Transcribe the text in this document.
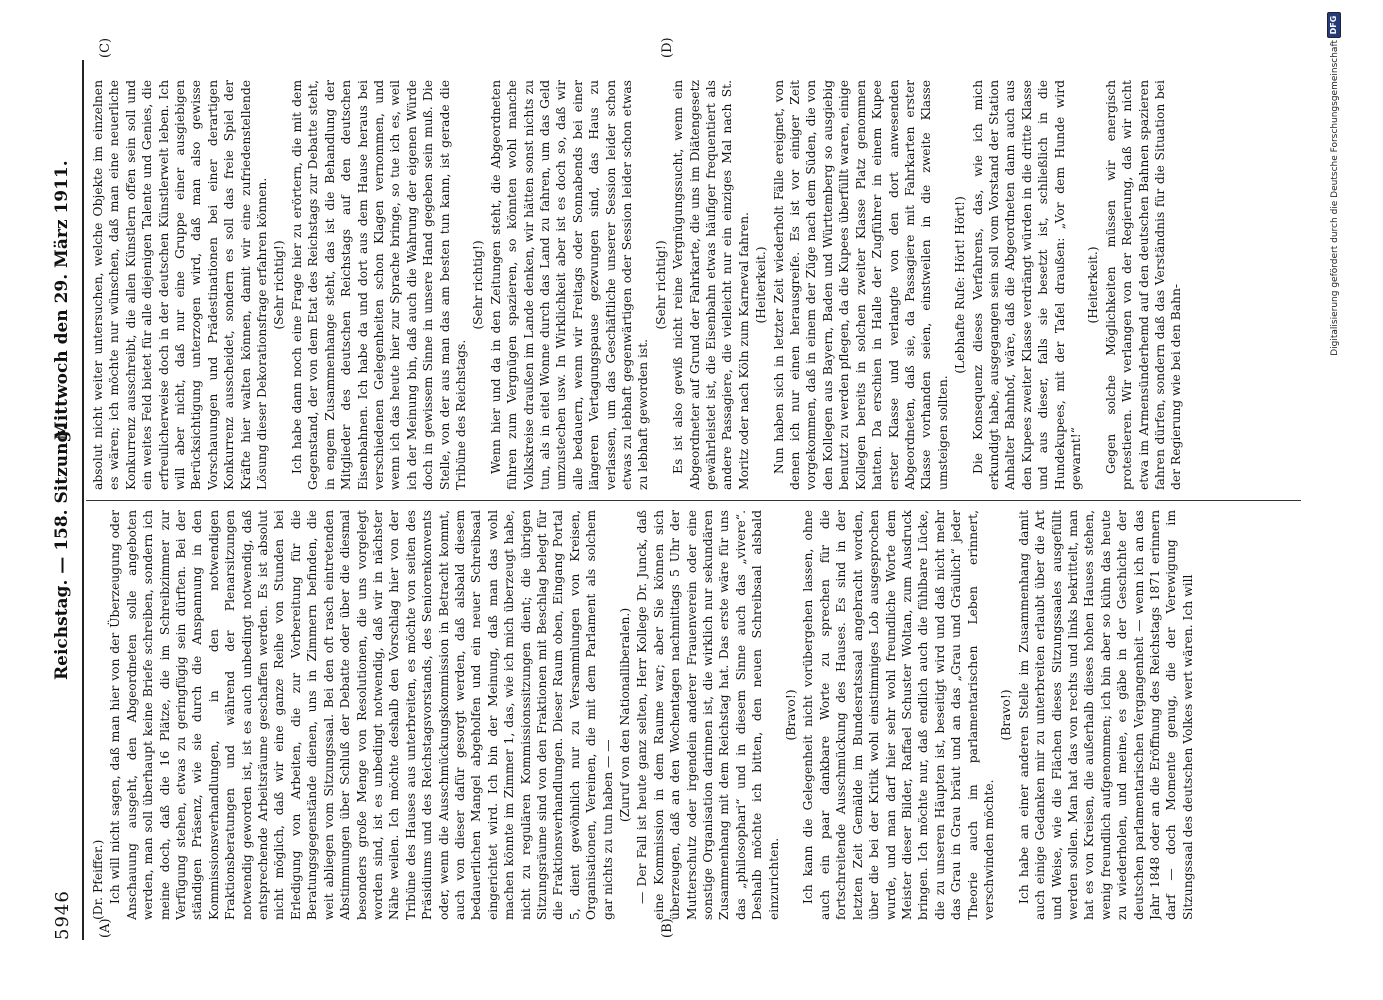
5946
Reichstag. — 158. Sitzung.
Mittwoch den 29. März 1911.
(A)	(B)
(C)	(D)

(Dr. Pfeiffer.) Ich will nicht sagen, daß man hier von der Überzeugung oder Anschauung ausgeht, den Abgeordneten solle angeboten werden, man soll überhaupt keine Briefe schreiben, sondern ich meine doch, daß die 16 Plätze, die im Schreibzimmer zur Verfügung stehen, etwas zu geringfügig sein dürften. Bei der ständigen Präsenz, wie sie durch die Anspannung in den Kommissionsverhandlungen, in den notwendigen Fraktionsberatungen und während der Plenarsitzungen notwendig geworden ist, ist es auch unbedingt notwendig, daß entsprechende Arbeitsräume geschaffen werden. Es ist absolut nicht möglich, daß wir eine ganze Reihe von Stunden bei Erledigung von Arbeiten, die zur Vorbereitung für die Beratungsgegenstände dienen, uns in Zimmern befinden, die weit abliegen vom Sitzungssaal. Bei den oft rasch eintretenden Abstimmungen über Schluß der Debatte oder über die diesmal besonders große Menge von Resolutionen, die uns vorgelegt worden sind, ist es unbedingt notwendig, daß wir in nächster Nähe weilen. Ich möchte deshalb den Vorschlag hier von der Tribüne des Hauses aus unterbreiten, es möchte von seiten des Präsidiums und des Reichstagsvorstands, des Seniorenkonvents oder, wenn die Ausschmückungskommission in Betracht kommt, auch von dieser dafür gesorgt werden, daß alsbald diesem bedauerlichen Mangel abgeholfen und ein neuer Schreibsaal eingerichtet wird. Ich bin der Meinung, daß man das wohl machen könnte im Zimmer 1, das, wie ich mich überzeugt habe, nicht zu regulären Kommissionssitzungen dient; die übrigen Sitzungsräume sind von den Fraktionen mit Beschlag belegt für die Fraktionsverhandlungen. Dieser Raum oben, Eingang Portal 5, dient gewöhnlich nur zu Versammlungen von Kreisen, Organisationen, Vereinen, die mit dem Parlament als solchem gar nichts zu tun haben — —

(Zuruf von den Nationalliberalen.) — Der Fall ist heute ganz selten, Herr Kollege Dr. Junck, daß eine Kommission in dem Raume war; aber Sie können sich überzeugen, daß an den Wochentagen nachmittags 5 Uhr der Mutterschutz oder irgendein anderer Frauenverein oder eine sonstige Organisation darinnen ist, die wirklich nur sekundären Zusammenhang mit dem Reichstag hat. Das erste wäre für uns das „philosophari“ und in diesem Sinne auch das „vivere“. Deshalb möchte ich bitten, den neuen Schreibsaal alsbald einzurichten.

(Bravo!) Ich kann die Gelegenheit nicht vorübergehen lassen, ohne auch ein paar dankbare Worte zu sprechen für die fortschreitende Ausschmückung des Hauses. Es sind in der letzten Zeit Gemälde im Bundesratssaal angebracht worden, über die bei der Kritik wohl einstimmiges Lob ausgesprochen wurde, und man darf hier sehr wohl freundliche Worte dem Meister dieser Bilder, Raffael Schuster Woltan, zum Ausdruck bringen. Ich möchte nur, daß endlich auch die fühlbare Lücke, die zu unseren Häupten ist, beseitigt wird und daß nicht mehr das Grau in Grau bräut und an das „Grau und Gräulich“ jeder Theorie auch im parlamentarischen Leben erinnert, verschwinden möchte.

(Bravo!) Ich habe an einer anderen Stelle im Zusammenhang damit auch einige Gedanken mir zu unterbreiten erlaubt über die Art und Weise, wie die Flächen dieses Sitzungssaales ausgefüllt werden sollen. Man hat das von rechts und links bekrittelt, man hat es von Kreisen, die außerhalb dieses hohen Hauses stehen, wenig freundlich aufgenommen; ich bin aber so kühn das heute zu wiederholen, und meine, es gäbe in der Geschichte der deutschen parlamentarischen Vergangenheit — wenn ich an das Jahr 1848 oder an die Eröffnung des Reichstags 1871 erinnern darf — doch Momente genug, die der Verewigung im Sitzungssaal des deutschen Volkes wert wären. Ich will

absolut nicht weiter untersuchen, welche Objekte im einzelnen es wären; ich möchte nur wünschen, daß man eine neuerliche Konkurrenz ausschreibt, die allen Künstlern offen sein soll und ein weites Feld bietet für alle diejenigen Talente und Genies, die erfreulicherweise doch in der deutschen Künstlerwelt leben. Ich will aber nicht, daß nur eine Gruppe einer ausgiebigen Berücksichtigung unterzogen wird, daß man also gewisse Vorschauungen und Prädestinationen bei einer derartigen Konkurrenz ausscheidet, sondern es soll das freie Spiel der Kräfte hier walten können, damit wir eine zufriedenstellende Lösung dieser Dekorationsfrage erfahren können. (Sehr richtig!) Ich habe dann noch eine Frage hier zu erörtern, die mit dem Gegenstand, der von dem Etat des Reichstags zur Debatte steht, in engem Zusammenhange steht, das ist die Behandlung der Mitglieder des deutschen Reichstags auf den deutschen Eisenbahnen. Ich habe da und dort aus dem Hause heraus bei verschiedenen Gelegenheiten schon Klagen vernommen, und wenn ich das heute hier zur Sprache bringe, so tue ich es, weil ich der Meinung bin, daß auch die Wahrung der eigenen Würde doch in gewissem Sinne in unsere Hand gegeben sein muß. Die Stelle, von der aus man das am besten tun kann, ist gerade die Tribüne des Reichstags.

(Sehr richtig!) Wenn hier und da in den Zeitungen steht, die Abgeordneten führen zum Vergnügen spazieren, so könnten wohl manche Volkskreise draußen im Lande denken, wir hätten sonst nichts zu tun, als in eitel Wonne durch das Land zu fahren, um das Geld umzustechen usw. In Wirklichkeit aber ist es doch so, daß wir alle bedauern, wenn wir Freitags oder Sonnabends bei einer längeren Vertagungspause gezwungen sind, das Haus zu verlassen, um das Geschäftliche unserer Session leider schon etwas zu lebhaft gegenwärtigen oder Session leider schon etwas zu lebhaft geworden ist.

(Sehr richtig!) Es ist also gewiß nicht reine Vergnügungssucht, wenn ein Abgeordneter auf Grund der Fahrkarte, die uns im Diätengesetz gewährleistet ist, die Eisenbahn etwas häufiger frequentiert als andere Passagiere, die vielleicht nur ein einziges Mal nach St. Moritz oder nach Köln zum Karneval fahren. (Heiterkeit.) Nun haben sich in letzter Zeit wiederholt Fälle ereignet, von denen ich nur einen herausgreife. Es ist vor einiger Zeit vorgekommen, daß in einem der Züge nach dem Süden, die von den Kollegen aus Bayern, Baden und Württemberg so ausgiebig benutzt zu werden pflegen, da die Kupees überfüllt waren, einige Kollegen bereits in solchen zweiter Klasse Platz genommen hatten. Da erschien in Halle der Zugführer in einem Kupee erster Klasse und verlangte von den dort anwesenden Abgeordneten, daß sie, da Passagiere mit Fahrkarten erster Klasse vorhanden seien, einstweilen in die zweite Klasse umsteigen sollten.

(Lebhafte Rufe: Hört! Hört!) Die Konsequenz dieses Verfahrens, das, wie ich mich erkundigt habe, ausgegangen sein soll vom Vorstand der Station Anhalter Bahnhof, wäre, daß die Abgeordneten dann auch aus den Kupees zweiter Klasse verdrängt würden in die dritte Klasse und aus dieser, falls sie besetzt ist, schließlich in die Hundekupees, mit der Tafel draußen: „Vor dem Hunde wird gewarnt!“

(Heiterkeit.) Gegen solche Möglichkeiten müssen wir energisch protestieren. Wir verlangen von der Regierung, daß wir nicht etwa im Armensünderhemd auf den deutschen Bahnen spazieren fahren dürfen, sondern daß das Verständnis für die Situation bei der Regierung wie bei den Bahn-

Digitalisierung gefördert durch die Deutsche Forschungsgemeinschaft
DFG
